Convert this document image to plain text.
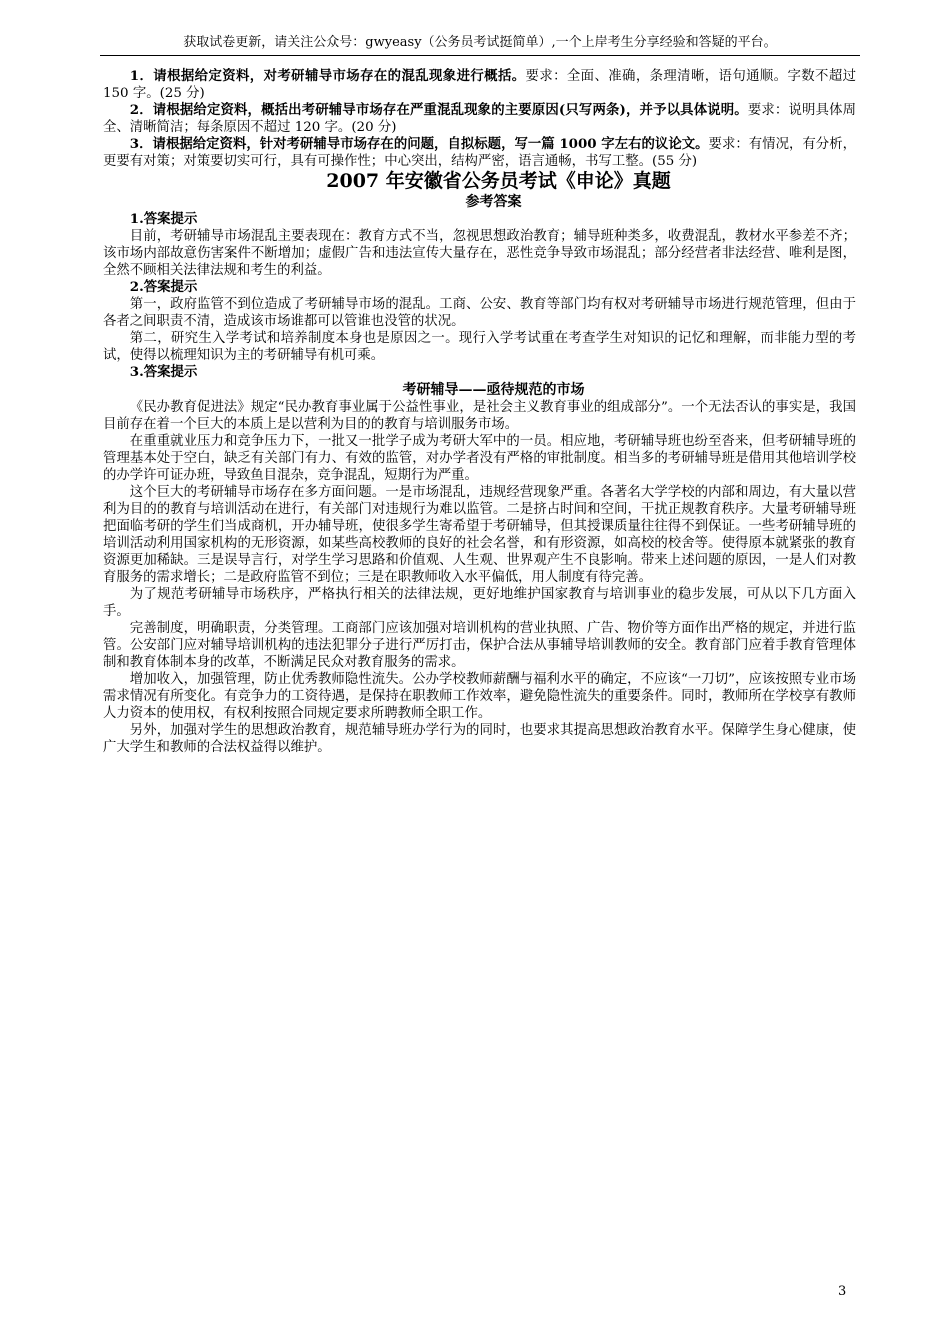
获取试卷更新，请关注公众号：gwyeasy（公务员考试挺简单）,一个上岸考生分享经验和答疑的平台。

1．请根据给定资料，对考研辅导市场存在的混乱现象进行概括。要求：全面、准确，条理清晰，语句通顺。字数不超过 150 字。(25 分)

2．请根据给定资料，概括出考研辅导市场存在严重混乱现象的主要原因(只写两条)，并予以具体说明。要求：说明具体周全、清晰简洁；每条原因不超过 120 字。(20 分)

3．请根据给定资料，针对考研辅导市场存在的问题，自拟标题，写一篇 1000 字左右的议论文。要求：有情况，有分析，更要有对策；对策要切实可行，具有可操作性；中心突出，结构严密，语言通畅，书写工整。(55 分)

2007 年安徽省公务员考试《申论》真题

参考答案

1.答案提示

目前，考研辅导市场混乱主要表现在：教育方式不当，忽视思想政治教育；辅导班种类多，收费混乱，教材水平参差不齐；该市场内部故意伤害案件不断增加；虚假广告和违法宣传大量存在，恶性竞争导致市场混乱；部分经营者非法经营、唯利是图，全然不顾相关法律法规和考生的利益。

2.答案提示

第一，政府监管不到位造成了考研辅导市场的混乱。工商、公安、教育等部门均有权对考研辅导市场进行规范管理，但由于各者之间职责不清，造成该市场谁都可以管谁也没管的状况。

第二，研究生入学考试和培养制度本身也是原因之一。现行入学考试重在考查学生对知识的记忆和理解，而非能力型的考试，使得以梳理知识为主的考研辅导有机可乘。

3.答案提示

考研辅导——亟待规范的市场

《民办教育促进法》规定“民办教育事业属于公益性事业，是社会主义教育事业的组成部分”。一个无法否认的事实是，我国目前存在着一个巨大的本质上是以营利为目的的教育与培训服务市场。

在重重就业压力和竞争压力下，一批又一批学子成为考研大军中的一员。相应地，考研辅导班也纷至沓来，但考研辅导班的管理基本处于空白，缺乏有关部门有力、有效的监管，对办学者没有严格的审批制度。相当多的考研辅导班是借用其他培训学校的办学许可证办班，导致鱼目混杂，竞争混乱，短期行为严重。

这个巨大的考研辅导市场存在多方面问题。一是市场混乱，违规经营现象严重。各著名大学学校的内部和周边，有大量以营利为目的的教育与培训活动在进行，有关部门对违规行为难以监管。二是挤占时间和空间，干扰正规教育秩序。大量考研辅导班把面临考研的学生们当成商机，开办辅导班，使很多学生寄希望于考研辅导，但其授课质量往往得不到保证。一些考研辅导班的培训活动利用国家机构的无形资源，如某些高校教师的良好的社会名誉，和有形资源，如高校的校舍等。使得原本就紧张的教育资源更加稀缺。三是误导言行，对学生学习思路和价值观、人生观、世界观产生不良影响。带来上述问题的原因，一是人们对教育服务的需求增长；二是政府监管不到位；三是在职教师收入水平偏低，用人制度有待完善。

为了规范考研辅导市场秩序，严格执行相关的法律法规，更好地维护国家教育与培训事业的稳步发展，可从以下几方面入手。

完善制度，明确职责，分类管理。工商部门应该加强对培训机构的营业执照、广告、物价等方面作出严格的规定，并进行监管。公安部门应对辅导培训机构的违法犯罪分子进行严厉打击，保护合法从事辅导培训教师的安全。教育部门应着手教育管理体制和教育体制本身的改革，不断满足民众对教育服务的需求。

增加收入，加强管理，防止优秀教师隐性流失。公办学校教师薪酬与福利水平的确定，不应该“一刀切”，应该按照专业市场需求情况有所变化。有竞争力的工资待遇，是保持在职教师工作效率，避免隐性流失的重要条件。同时，教师所在学校享有教师人力资本的使用权，有权利按照合同规定要求所聘教师全职工作。

另外，加强对学生的思想政治教育，规范辅导班办学行为的同时，也要求其提高思想政治教育水平。保障学生身心健康，使广大学生和教师的合法权益得以维护。

3
